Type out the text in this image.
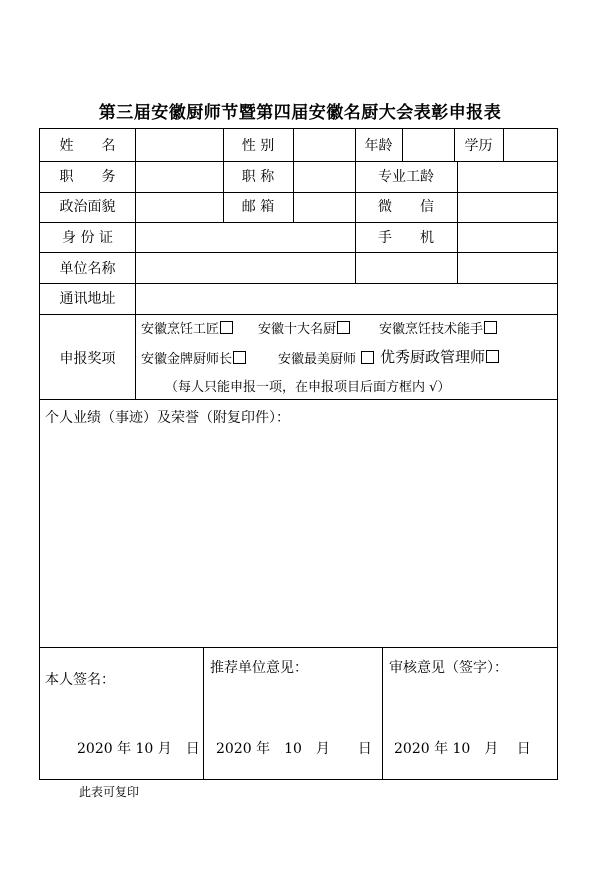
第三届安徽厨师节暨第四届安徽名厨大会表彰申报表
姓　　名	性 别	年龄	学历
职　　务	职 称	专业工龄
政治面貌	邮 箱	微　　信
身 份 证	手　　机
单位名称
通讯地址
申报奖项
安徽烹饪工匠	安徽十大名厨	安徽烹饪技术能手
安徽金牌厨师长	安徽最美厨师	优秀厨政管理师
（每人只能申报一项，在申报项目后面方框内 √）
个人业绩（事迹）及荣誉（附复印件）：
本人签名：
2020 年 10 月　日
推荐单位意见：
2020 年　10　月　　日
审核意见（签字）：
2020 年 10　月　 日
此表可复印
